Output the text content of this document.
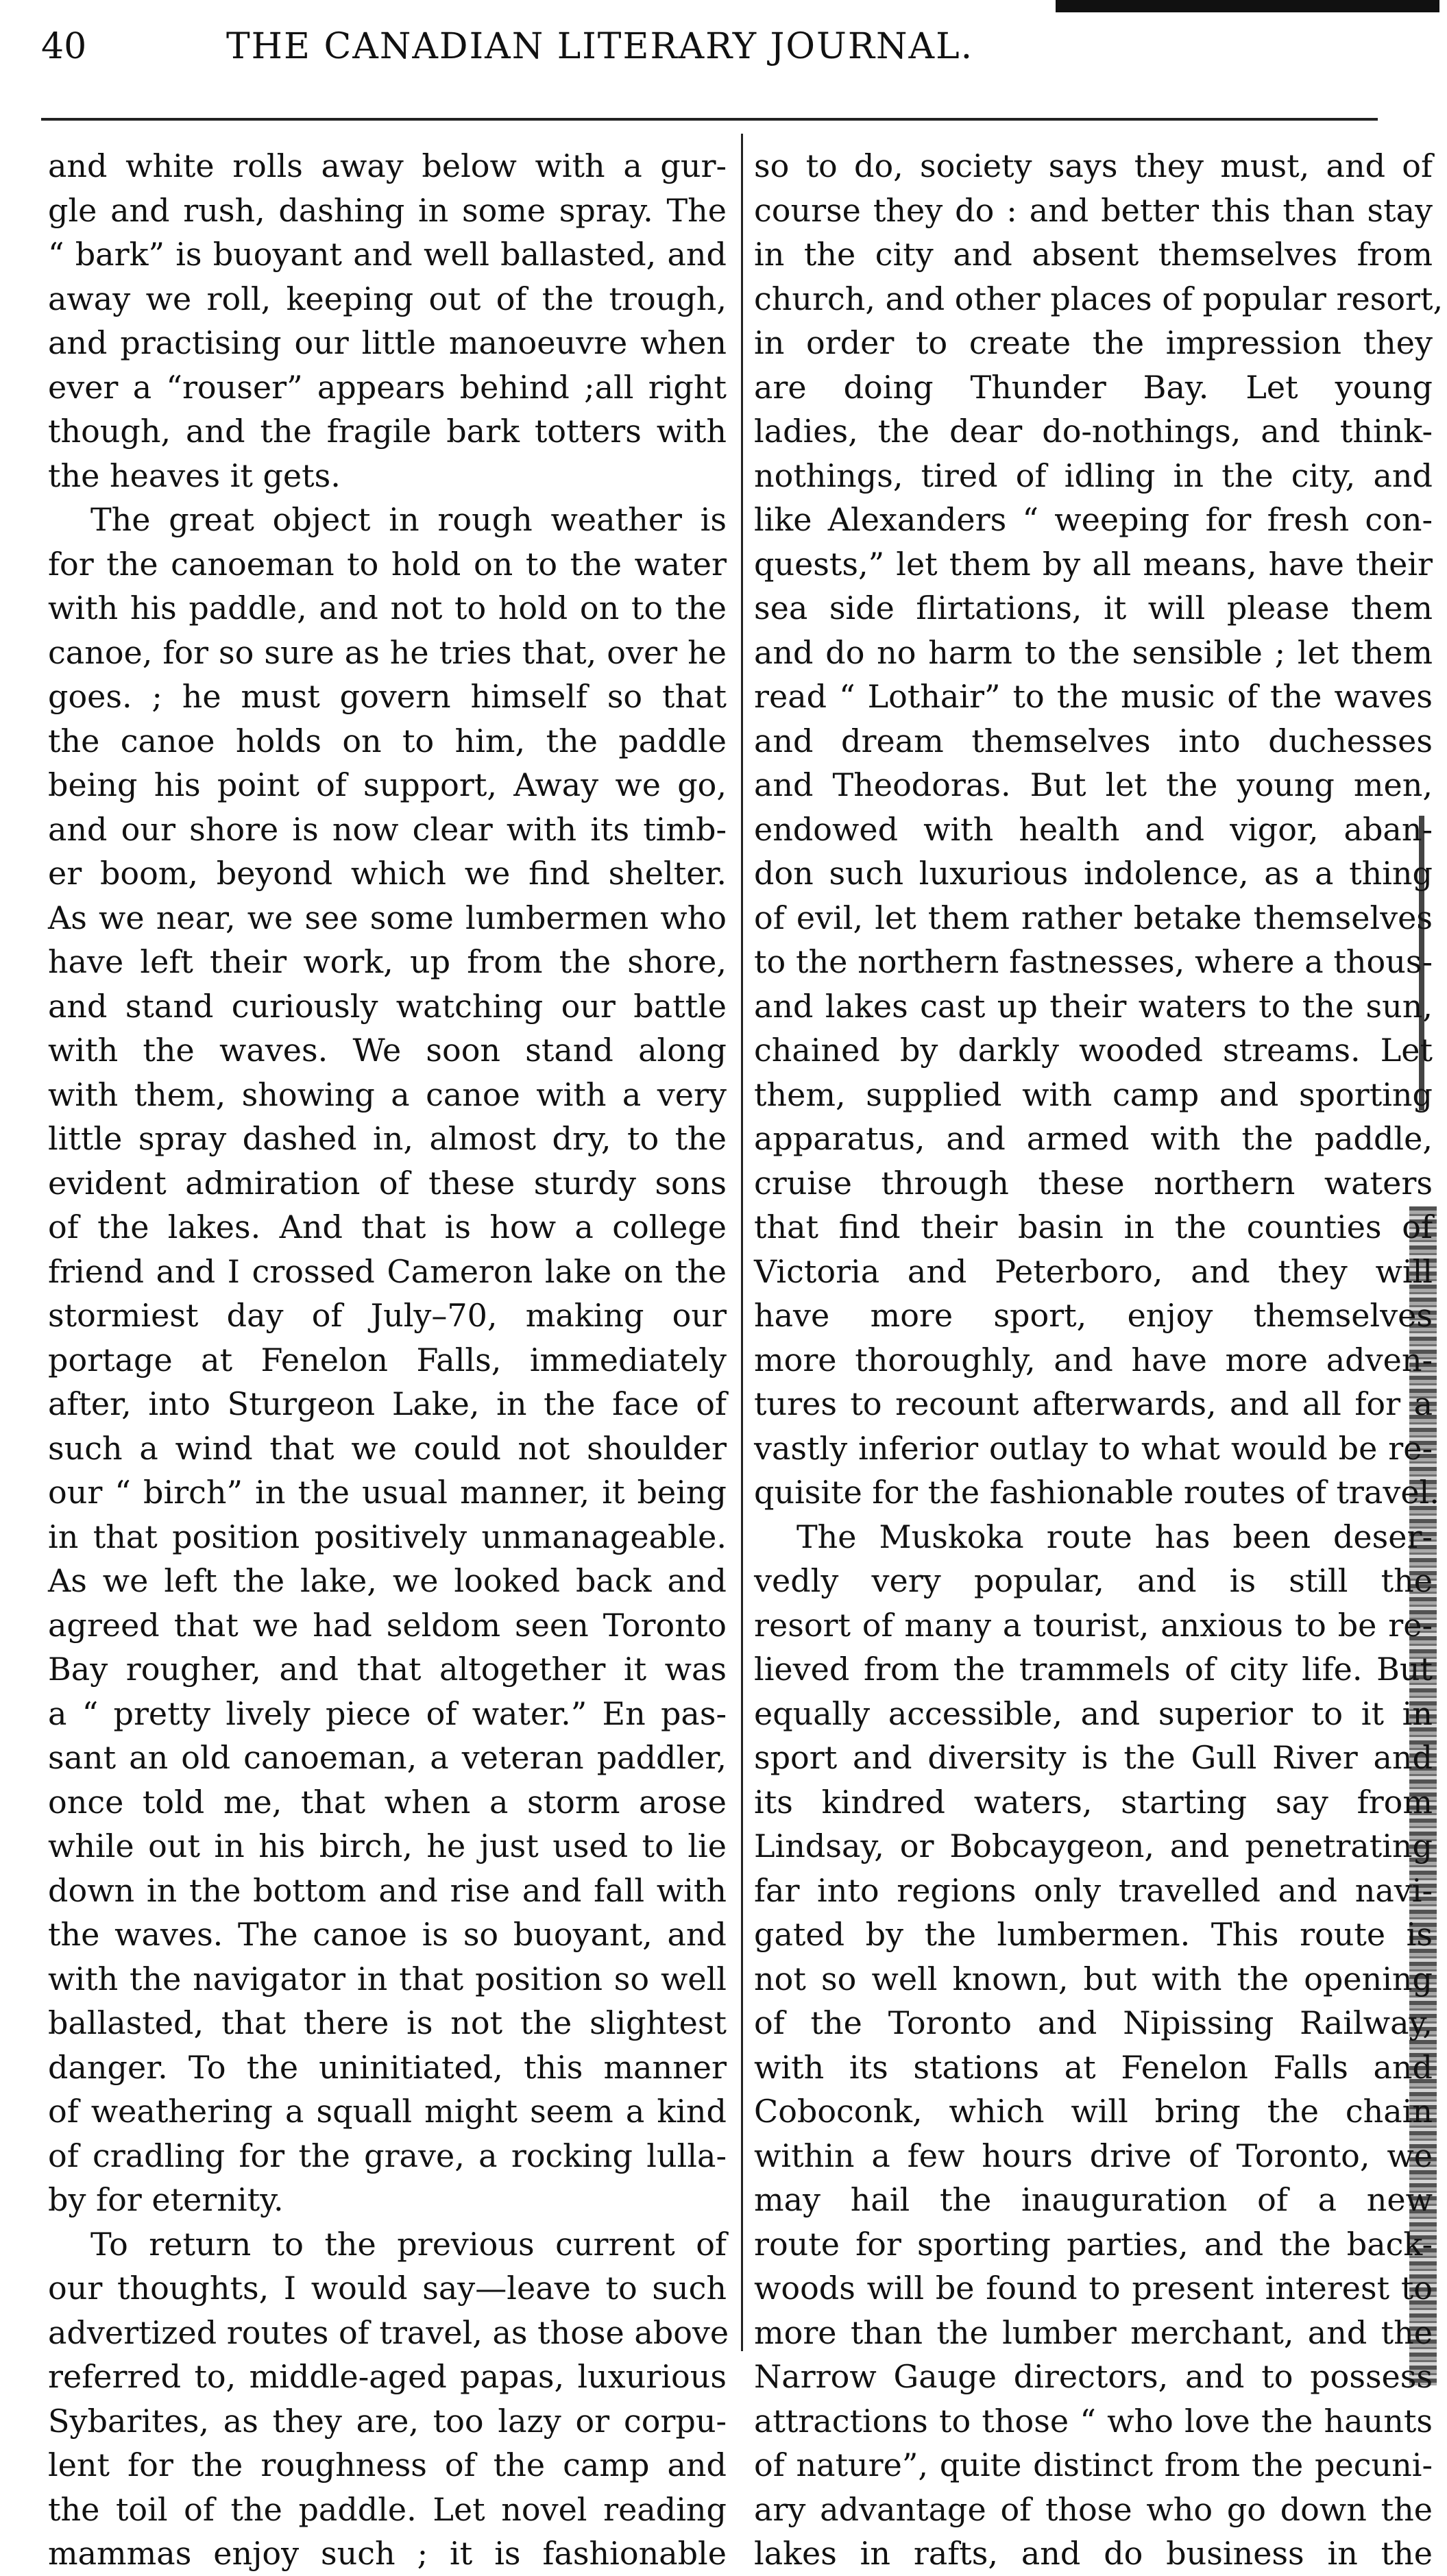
40	THE CANADIAN LITERARY JOURNAL.
and white rolls away below with a gur-
gle and rush, dashing in some spray. The
“ bark” is buoyant and well ballasted, and
away we roll, keeping out of the trough,
and practising our little manoeuvre when
ever a “rouser” appears behind ;all right
though, and the fragile bark totters with
the heaves it gets.
The great object in rough weather is
for the canoeman to hold on to the water
with his paddle, and not to hold on to the
canoe, for so sure as he tries that, over he
goes. ; he must govern himself so that
the canoe holds on to him, the paddle
being his point of support, Away we go,
and our shore is now clear with its timb-
er boom, beyond which we find shelter.
As we near, we see some lumbermen who
have left their work, up from the shore,
and stand curiously watching our battle
with the waves. We soon stand along
with them, showing a canoe with a very
little spray dashed in, almost dry, to the
evident admiration of these sturdy sons
of the lakes. And that is how a college
friend and I crossed Cameron lake on the
stormiest day of July–70, making our
portage at Fenelon Falls, immediately
after, into Sturgeon Lake, in the face of
such a wind that we could not shoulder
our “ birch” in the usual manner, it being
in that position positively unmanageable.
As we left the lake, we looked back and
agreed that we had seldom seen Toronto
Bay rougher, and that altogether it was
a “ pretty lively piece of water.” En pas-
sant an old canoeman, a veteran paddler,
once told me, that when a storm arose
while out in his birch, he just used to lie
down in the bottom and rise and fall with
the waves. The canoe is so buoyant, and
with the navigator in that position so well
ballasted, that there is not the slightest
danger. To the uninitiated, this manner
of weathering a squall might seem a kind
of cradling for the grave, a rocking lulla-
by for eternity.
To return to the previous current of
our thoughts, I would say—leave to such
advertized routes of travel, as those above
referred to, middle-aged papas, luxurious
Sybarites, as they are, too lazy or corpu-
lent for the roughness of the camp and
the toil of the paddle. Let novel reading
mammas enjoy such ; it is fashionable
so to do, society says they must, and of
course they do : and better this than stay
in the city and absent themselves from
church, and other places of popular resort,
in order to create the impression they
are doing Thunder Bay. Let young
ladies, the dear do-nothings, and think-
nothings, tired of idling in the city, and
like Alexanders “ weeping for fresh con-
quests,” let them by all means, have their
sea side flirtations, it will please them
and do no harm to the sensible ; let them
read “ Lothair” to the music of the waves
and dream themselves into duchesses
and Theodoras. But let the young men,
endowed with health and vigor, aban-
don such luxurious indolence, as a thing
of evil, let them rather betake themselves
to the northern fastnesses, where a thous-
and lakes cast up their waters to the sun,
chained by darkly wooded streams. Let
them, supplied with camp and sporting
apparatus, and armed with the paddle,
cruise through these northern waters
that find their basin in the counties of
Victoria and Peterboro, and they will
have more sport, enjoy themselves
more thoroughly, and have more adven-
tures to recount afterwards, and all for a
vastly inferior outlay to what would be re-
quisite for the fashionable routes of travel.
The Muskoka route has been deser-
vedly very popular, and is still the
resort of many a tourist, anxious to be re-
lieved from the trammels of city life. But
equally accessible, and superior to it in
sport and diversity is the Gull River and
its kindred waters, starting say from
Lindsay, or Bobcaygeon, and penetrating
far into regions only travelled and navi-
gated by the lumbermen. This route is
not so well known, but with the opening
of the Toronto and Nipissing Railway,
with its stations at Fenelon Falls and
Coboconk, which will bring the chain
within a few hours drive of Toronto, we
may hail the inauguration of a new
route for sporting parties, and the back-
woods will be found to present interest to
more than the lumber merchant, and the
Narrow Gauge directors, and to possess
attractions to those “ who love the haunts
of nature”, quite distinct from the pecuni-
ary advantage of those who go down the
lakes in rafts, and do business in the
